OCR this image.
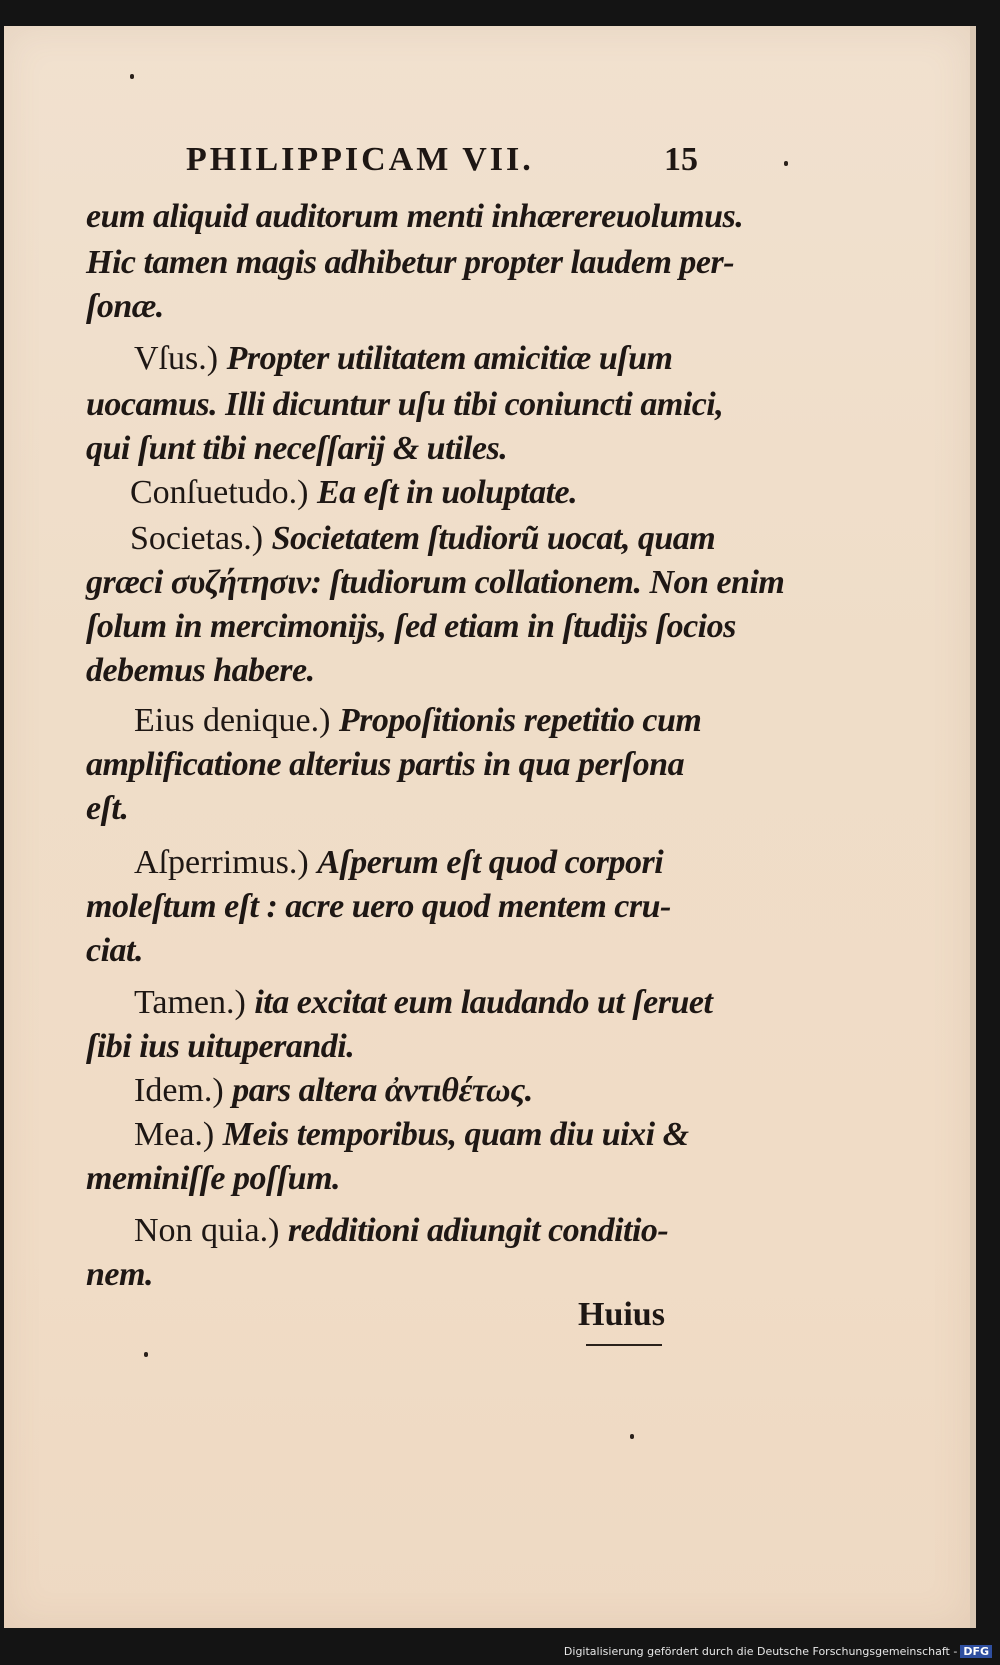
PHILIPPICAM VII.	15
eum aliquid auditorum menti inhærereuolumus.
Hic tamen magis adhibetur propter laudem per-
ſonæ.
Vſus.) Propter utilitatem amicitiæ uſum
uocamus. Illi dicuntur uſu tibi coniuncti amici,
qui ſunt tibi neceſſarij & utiles.
Conſuetudo.) Ea eſt in uoluptate.
Societas.) Societatem ſtudiorũ uocat, quam
græci συζήτησιν: ſtudiorum collationem. Non enim
ſolum in mercimonijs, ſed etiam in ſtudijs ſocios
debemus habere.
Eius denique.) Propoſitionis repetitio cum
amplificatione alterius partis in qua perſona
eſt.
Aſperrimus.) Aſperum eſt quod corpori
moleſtum eſt : acre uero quod mentem cru-
ciat.
Tamen.) ita excitat eum laudando ut ſeruet
ſibi ius uituperandi.
Idem.) pars altera ἀντιθέτως.
Mea.) Meis temporibus, quam diu uixi &
meminiſſe poſſum.
Non quia.) redditioni adiungit conditio-
nem.
Huius
Digitalisierung gefördert durch die Deutsche Forschungsgemeinschaft - DFG
